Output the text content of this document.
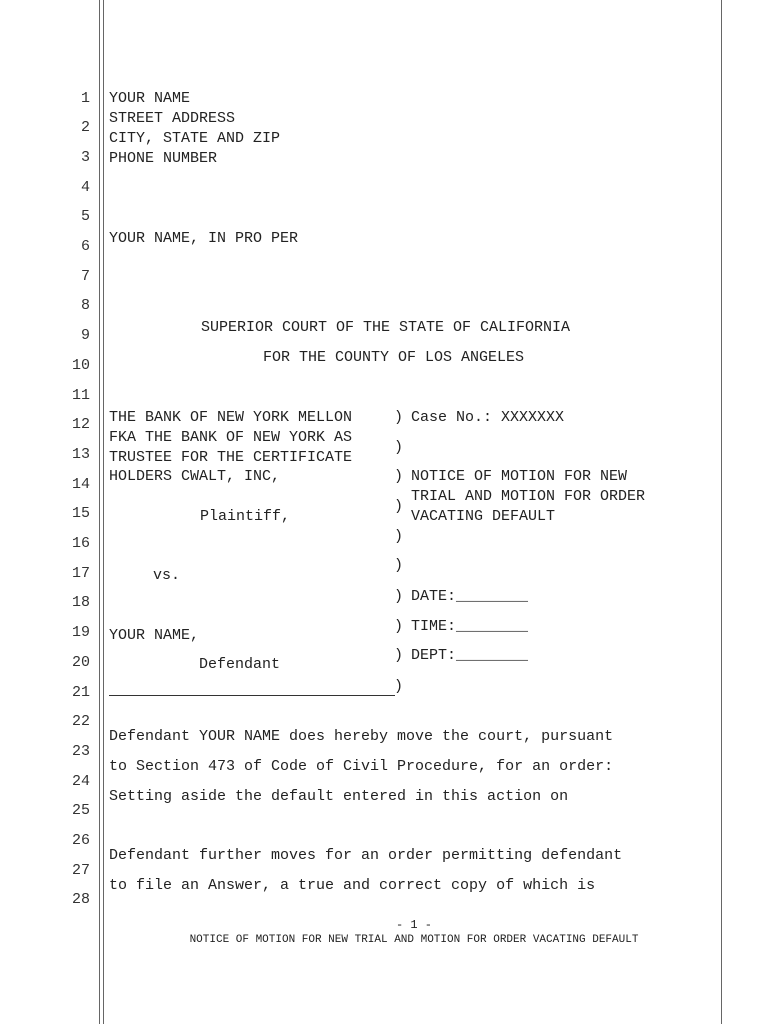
1
2
3
4
5
6
7
8
9
10
11
12
13
14
15
16
17
18
19
20
21
22
23
24
25
26
27
28
YOUR NAME
STREET ADDRESS
CITY, STATE AND ZIP
PHONE NUMBER
YOUR NAME, IN PRO PER
SUPERIOR COURT OF THE STATE OF CALIFORNIA
FOR THE COUNTY OF LOS ANGELES
THE BANK OF NEW YORK MELLON
FKA THE BANK OF NEW YORK AS
TRUSTEE FOR THE CERTIFICATE
HOLDERS CWALT, INC,
Plaintiff,
vs.
YOUR NAME,
Defendant
)
)
)
)
)
)
)
)
)
)
Case No.: XXXXXXX
NOTICE OF MOTION FOR NEW
TRIAL AND MOTION FOR ORDER
VACATING DEFAULT
DATE:________
TIME:________
DEPT:________
Defendant YOUR NAME does hereby move the court, pursuant
to Section 473 of Code of Civil Procedure, for an order:
Setting aside the default entered in this action on
Defendant further moves for an order permitting defendant
to file an Answer, a true and correct copy of which is
- 1 -
NOTICE OF MOTION FOR NEW TRIAL AND MOTION FOR ORDER VACATING DEFAULT
